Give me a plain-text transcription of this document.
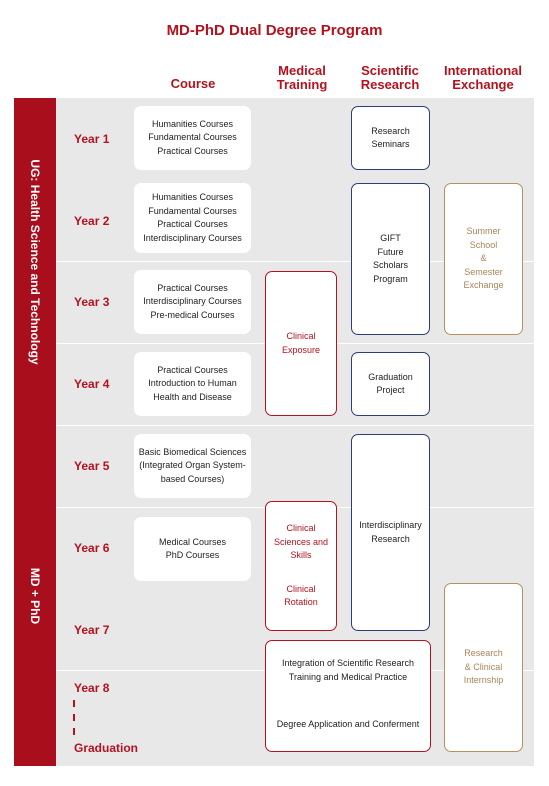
MD-PhD Dual Degree Program
Course
Medical
Training
Scientific
Research
International
Exchange
UG: Health Science and Technology
MD + PhD
Year 1
Year 2
Year 3
Year 4
Year 5
Year 6
Year 7
Year 8
Graduation
Humanities Courses
Fundamental Courses
Practical Courses
Humanities Courses
Fundamental Courses
Practical Courses
Interdisciplinary Courses
Practical Courses
Interdisciplinary Courses
Pre-medical Courses
Practical Courses
Introduction to Human
Health and Disease
Basic Biomedical Sciences
(Integrated Organ System-
based Courses)
Medical Courses
PhD Courses
Clinical
Exposure
Clinical
Sciences and
Skills
Clinical
Rotation
Integration of Scientific Research
Training and Medical Practice
Degree Application and Conferment
Research
Seminars
GIFT
Future
Scholars
Program
Graduation
Project
Interdisciplinary
Research
Summer
School
&
Semester
Exchange
Research
& Clinical
Internship
